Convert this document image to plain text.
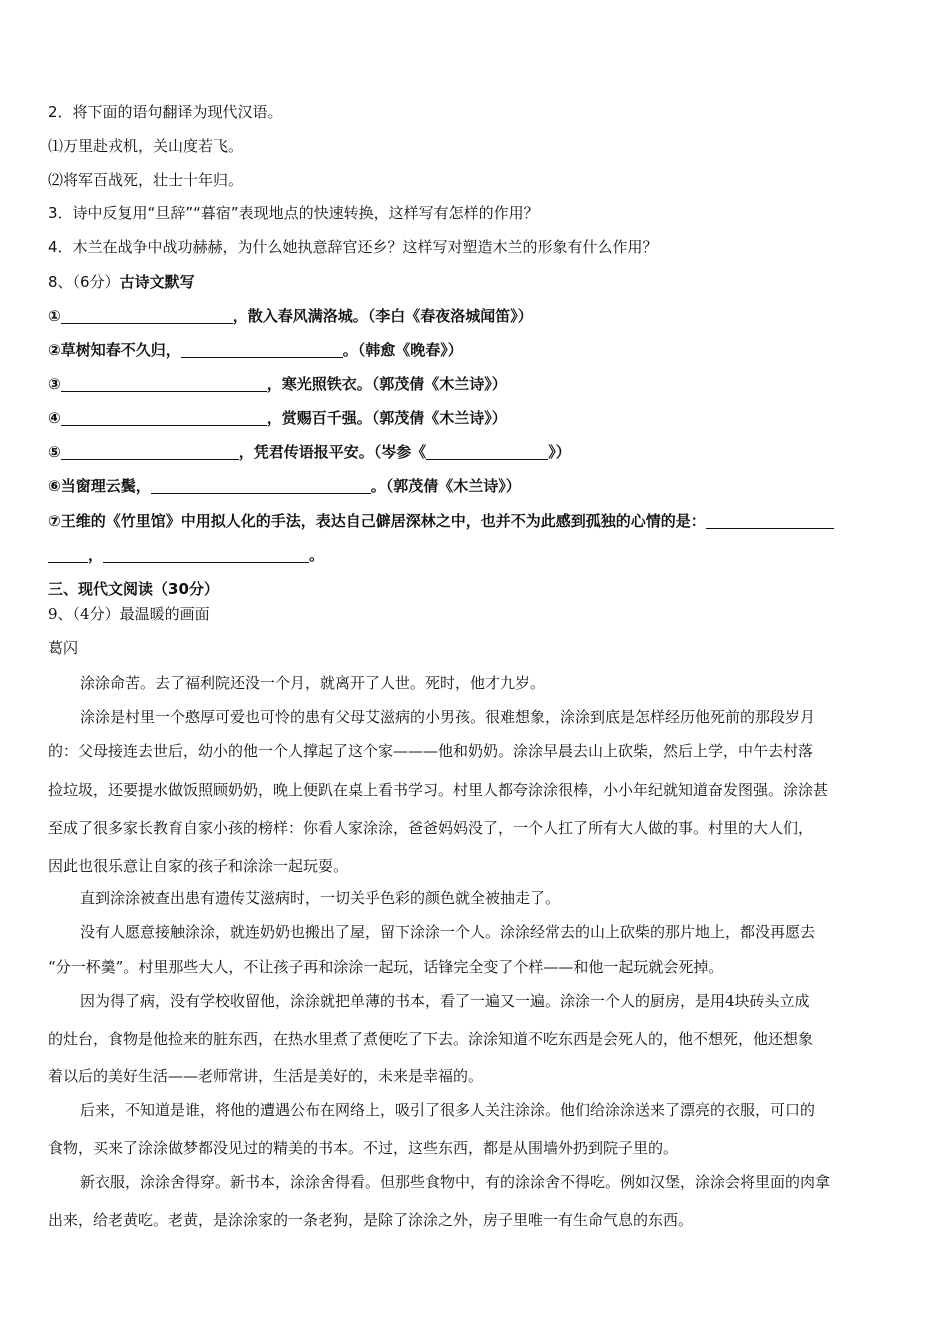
2．将下面的语句翻译为现代汉语。
⑴万里赴戎机，关山度若飞。
⑵将军百战死，壮士十年归。
3．诗中反复用“旦辞”“暮宿”表现地点的快速转换，这样写有怎样的作用？
4．木兰在战争中战功赫赫，为什么她执意辞官还乡？这样写对塑造木兰的形象有什么作用？
8、（6分）古诗文默写
①	，散入春风满洛城。（李白《春夜洛城闻笛》）
②草树知春不久归，	。（韩愈《晚春》）
③	，寒光照铁衣。（郭茂倩《木兰诗》）
④	，赏赐百千强。（郭茂倩《木兰诗》）
⑤	，凭君传语报平安。（岑参《	》）
⑥当窗理云鬓，	。（郭茂倩《木兰诗》）
⑦王维的《竹里馆》中用拟人化的手法，表达自己僻居深林之中，也并不为此感到孤独的心情的是：
，	。
三、现代文阅读（30分）
9、（4分）最温暖的画面
葛闪
涂涂命苦。去了福利院还没一个月，就离开了人世。死时，他才九岁。
涂涂是村里一个憨厚可爱也可怜的患有父母艾滋病的小男孩。很难想象，涂涂到底是怎样经历他死前的那段岁月
的：父母接连去世后，幼小的他一个人撑起了这个家———他和奶奶。涂涂早晨去山上砍柴，然后上学，中午去村落
捡垃圾，还要提水做饭照顾奶奶，晚上便趴在桌上看书学习。村里人都夸涂涂很棒，小小年纪就知道奋发图强。涂涂甚
至成了很多家长教育自家小孩的榜样：你看人家涂涂，爸爸妈妈没了，一个人扛了所有大人做的事。村里的大人们，
因此也很乐意让自家的孩子和涂涂一起玩耍。
直到涂涂被查出患有遗传艾滋病时，一切关乎色彩的颜色就全被抽走了。
没有人愿意接触涂涂，就连奶奶也搬出了屋，留下涂涂一个人。涂涂经常去的山上砍柴的那片地上，都没再愿去
“分一杯羹”。村里那些大人，不让孩子再和涂涂一起玩，话锋完全变了个样——和他一起玩就会死掉。
因为得了病，没有学校收留他，涂涂就把单薄的书本，看了一遍又一遍。涂涂一个人的厨房，是用4块砖头立成
的灶台，食物是他捡来的脏东西，在热水里煮了煮便吃了下去。涂涂知道不吃东西是会死人的，他不想死，他还想象
着以后的美好生活——老师常讲，生活是美好的，未来是幸福的。
后来，不知道是谁，将他的遭遇公布在网络上，吸引了很多人关注涂涂。他们给涂涂送来了漂亮的衣服，可口的
食物，买来了涂涂做梦都没见过的精美的书本。不过，这些东西，都是从围墙外扔到院子里的。
新衣服，涂涂舍得穿。新书本，涂涂舍得看。但那些食物中，有的涂涂舍不得吃。例如汉堡，涂涂会将里面的肉拿
出来，给老黄吃。老黄，是涂涂家的一条老狗，是除了涂涂之外，房子里唯一有生命气息的东西。
